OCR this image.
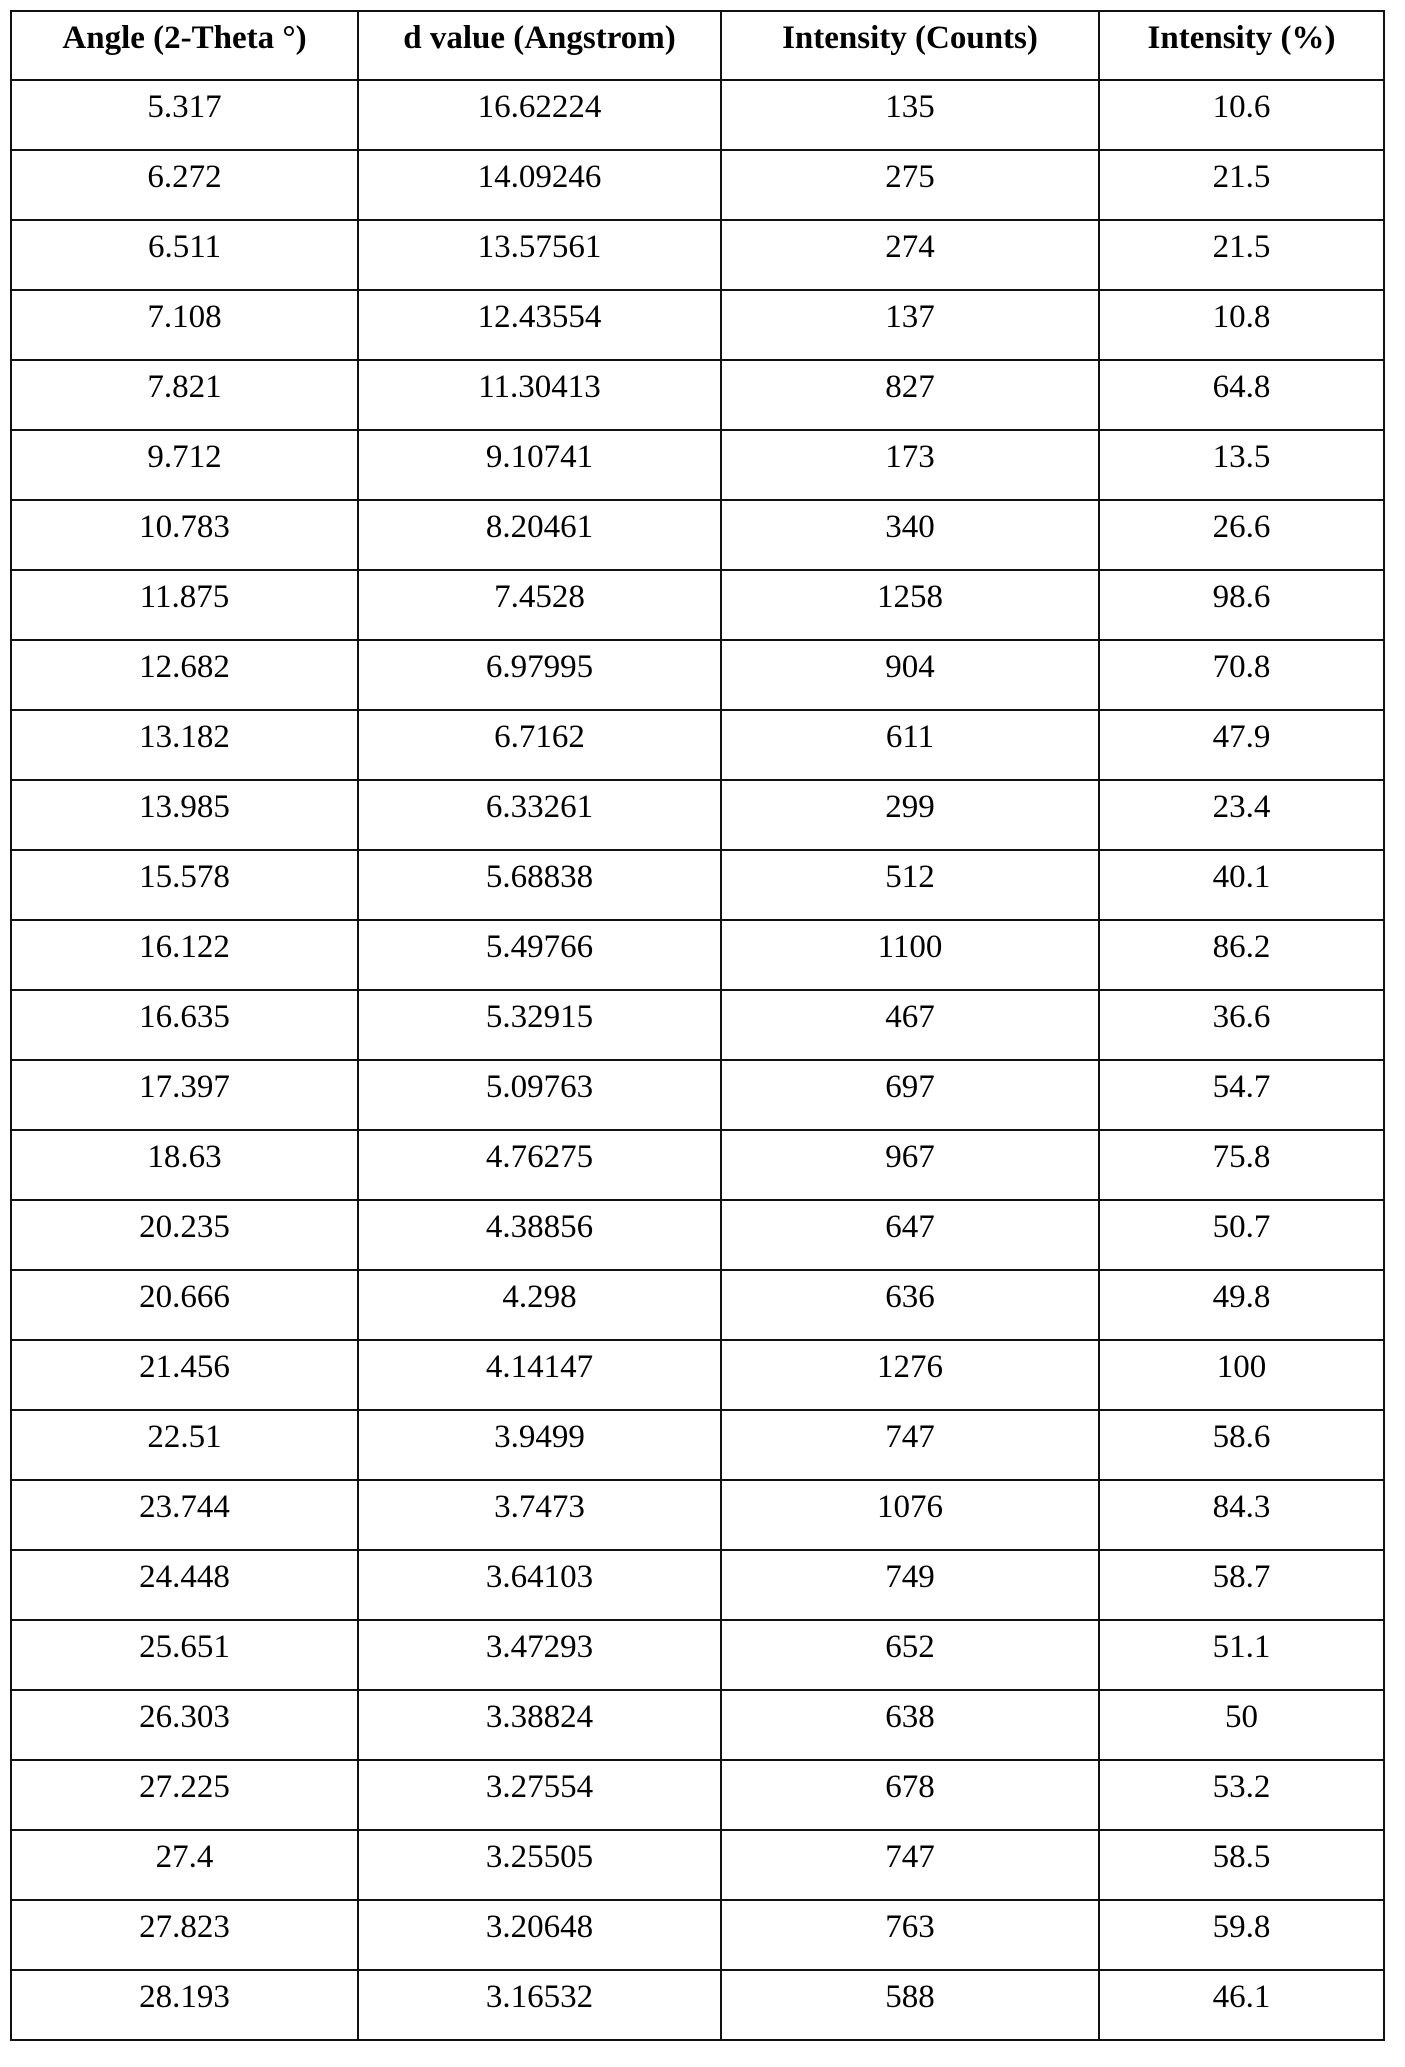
Angle (2-Theta °)	d value (Angstrom)	Intensity (Counts)	Intensity (%)
5.317	16.62224	135	10.6
6.272	14.09246	275	21.5
6.511	13.57561	274	21.5
7.108	12.43554	137	10.8
7.821	11.30413	827	64.8
9.712	9.10741	173	13.5
10.783	8.20461	340	26.6
11.875	7.4528	1258	98.6
12.682	6.97995	904	70.8
13.182	6.7162	611	47.9
13.985	6.33261	299	23.4
15.578	5.68838	512	40.1
16.122	5.49766	1100	86.2
16.635	5.32915	467	36.6
17.397	5.09763	697	54.7
18.63	4.76275	967	75.8
20.235	4.38856	647	50.7
20.666	4.298	636	49.8
21.456	4.14147	1276	100
22.51	3.9499	747	58.6
23.744	3.7473	1076	84.3
24.448	3.64103	749	58.7
25.651	3.47293	652	51.1
26.303	3.38824	638	50
27.225	3.27554	678	53.2
27.4	3.25505	747	58.5
27.823	3.20648	763	59.8
28.193	3.16532	588	46.1
